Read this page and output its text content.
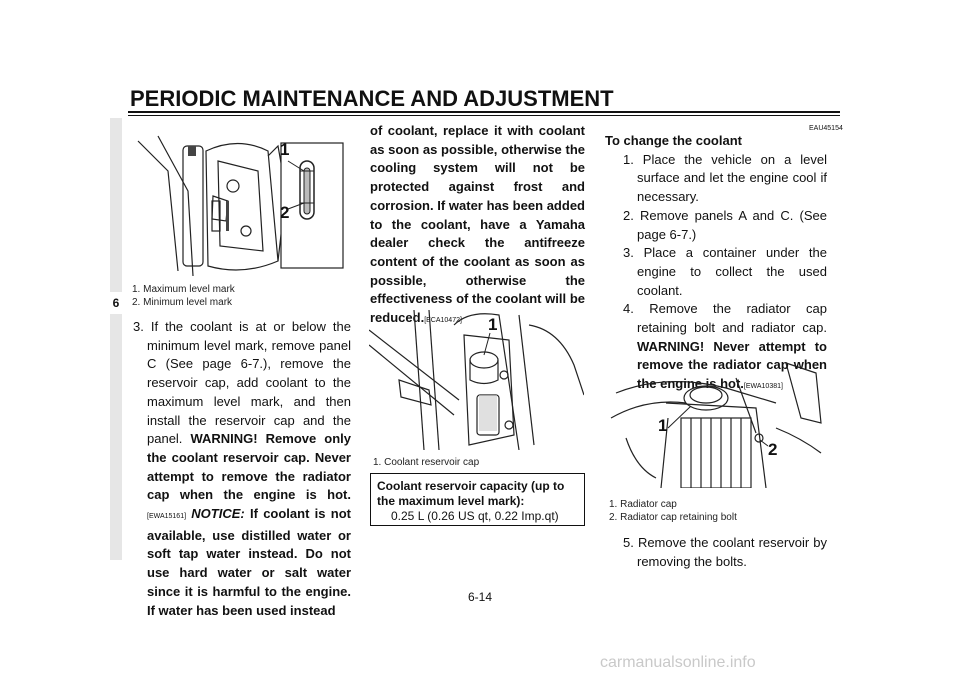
PERIODIC MAINTENANCE AND ADJUSTMENT
6
1
2
1. Maximum level mark
2. Minimum level mark
3. If the coolant is at or below the minimum level mark, remove panel C (See page 6-7.), remove the reservoir cap, add coolant to the maximum level mark, and then install the reservoir cap and the panel. WARNING! Remove only the coolant reservoir cap. Never attempt to remove the radiator cap when the engine is hot.[EWA15161] NOTICE: If coolant is not available, use distilled water or soft tap water instead. Do not use hard water or salt water since it is harmful to the engine. If water has been used instead
of coolant, replace it with coolant as soon as possible, otherwise the cooling system will not be protected against frost and corrosion. If water has been added to the coolant, have a Yamaha dealer check the antifreeze content of the coolant as soon as possible, otherwise the effectiveness of the coolant will be reduced.[ECA10472]	1
1. Coolant reservoir cap
Coolant reservoir capacity (up to the maximum level mark):
0.25 L (0.26 US qt, 0.22 Imp.qt)
EAU45154
To change the coolant
1. Place the vehicle on a level surface and let the engine cool if necessary.
2. Remove panels A and C. (See page 6-7.)
3. Place a container under the engine to collect the used coolant.
4. Remove the radiator cap retaining bolt and radiator cap. WARNING! Never attempt to remove the radiator cap when the engine is hot.[EWA10381]
1
2
1. Radiator cap
2. Radiator cap retaining bolt
5. Remove the coolant reservoir by removing the bolts.
6-14
carmanualsonline.info
